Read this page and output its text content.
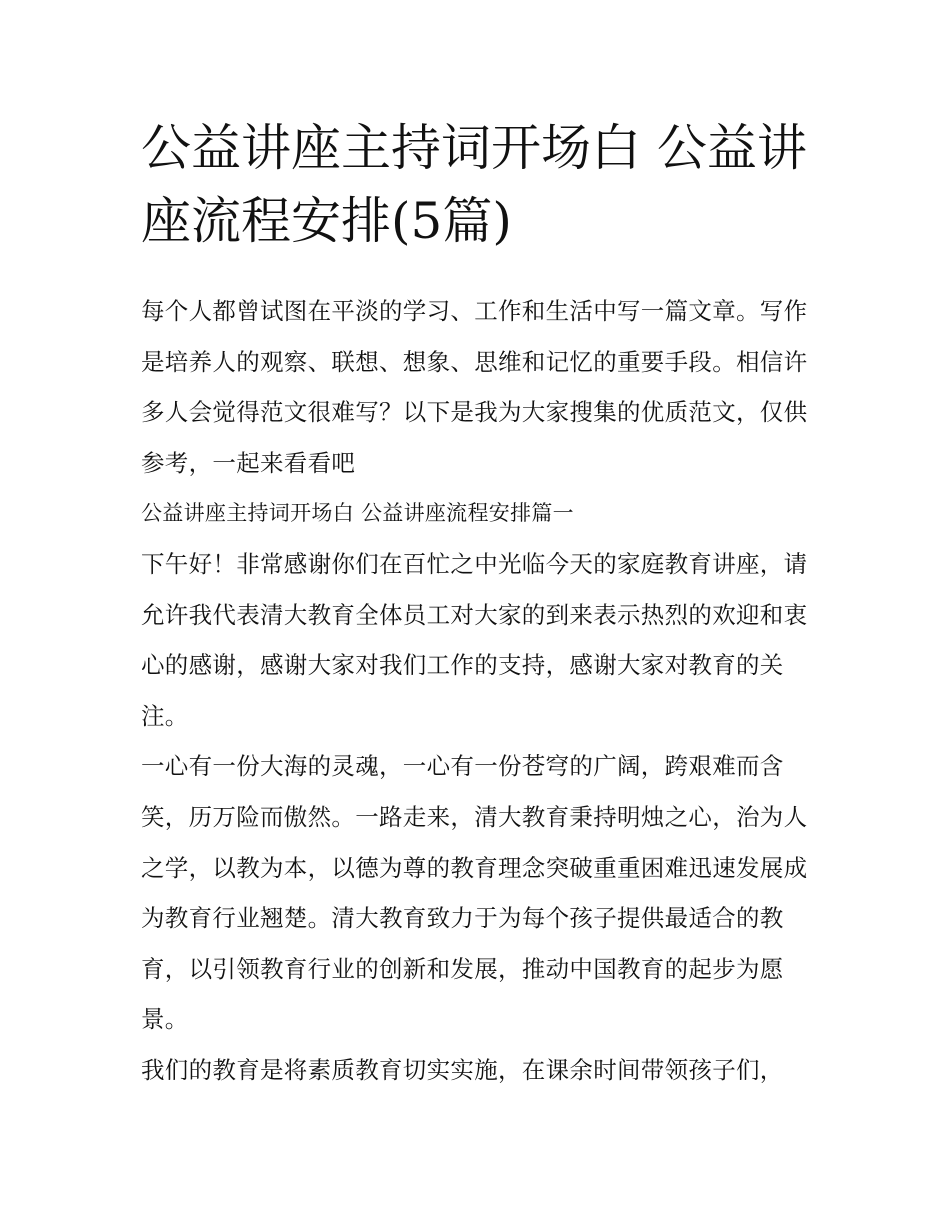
公益讲座主持词开场白 公益讲座流程安排(5篇)

每个人都曾试图在平淡的学习、工作和生活中写一篇文章。写作是培养人的观察、联想、想象、思维和记忆的重要手段。相信许多人会觉得范文很难写？以下是我为大家搜集的优质范文，仅供参考，一起来看看吧

公益讲座主持词开场白 公益讲座流程安排篇一

下午好！非常感谢你们在百忙之中光临今天的家庭教育讲座，请允许我代表清大教育全体员工对大家的到来表示热烈的欢迎和衷心的感谢，感谢大家对我们工作的支持，感谢大家对教育的关注。

一心有一份大海的灵魂，一心有一份苍穹的广阔，跨艰难而含笑，历万险而傲然。一路走来，清大教育秉持明烛之心，治为人之学，以教为本，以德为尊的教育理念突破重重困难迅速发展成为教育行业翘楚。清大教育致力于为每个孩子提供最适合的教育，以引领教育行业的创新和发展，推动中国教育的起步为愿景。

我们的教育是将素质教育切实实施，在课余时间带领孩子们，
